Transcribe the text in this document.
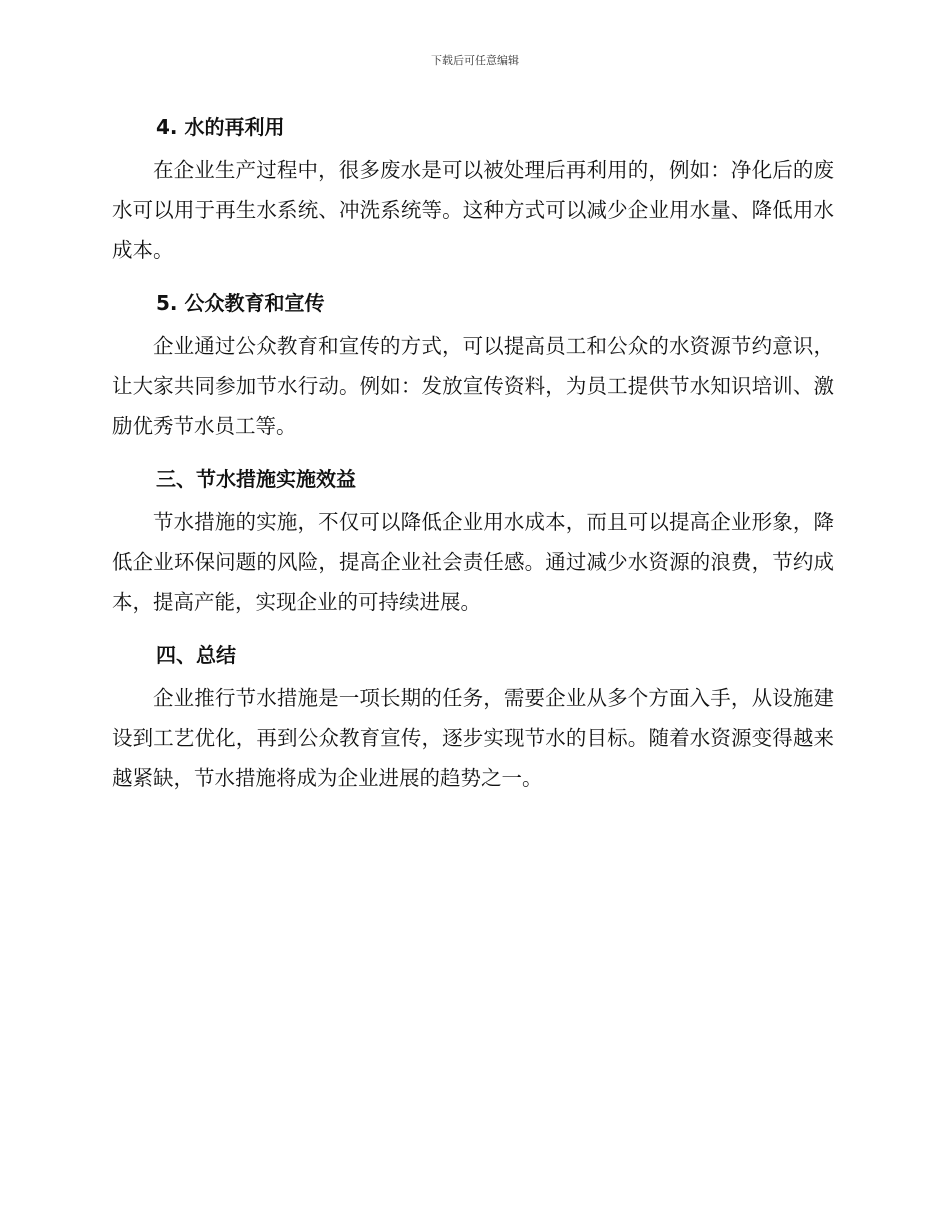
下载后可任意编辑
4. 水的再利用

在企业生产过程中，很多废水是可以被处理后再利用的，例如：净化后的废水可以用于再生水系统、冲洗系统等。这种方式可以减少企业用水量、降低用水成本。

5. 公众教育和宣传

企业通过公众教育和宣传的方式，可以提高员工和公众的水资源节约意识，让大家共同参加节水行动。例如：发放宣传资料，为员工提供节水知识培训、激励优秀节水员工等。

三、节水措施实施效益

节水措施的实施，不仅可以降低企业用水成本，而且可以提高企业形象，降低企业环保问题的风险，提高企业社会责任感。通过减少水资源的浪费，节约成本，提高产能，实现企业的可持续进展。

四、总结

企业推行节水措施是一项长期的任务，需要企业从多个方面入手，从设施建设到工艺优化，再到公众教育宣传，逐步实现节水的目标。随着水资源变得越来越紧缺，节水措施将成为企业进展的趋势之一。
